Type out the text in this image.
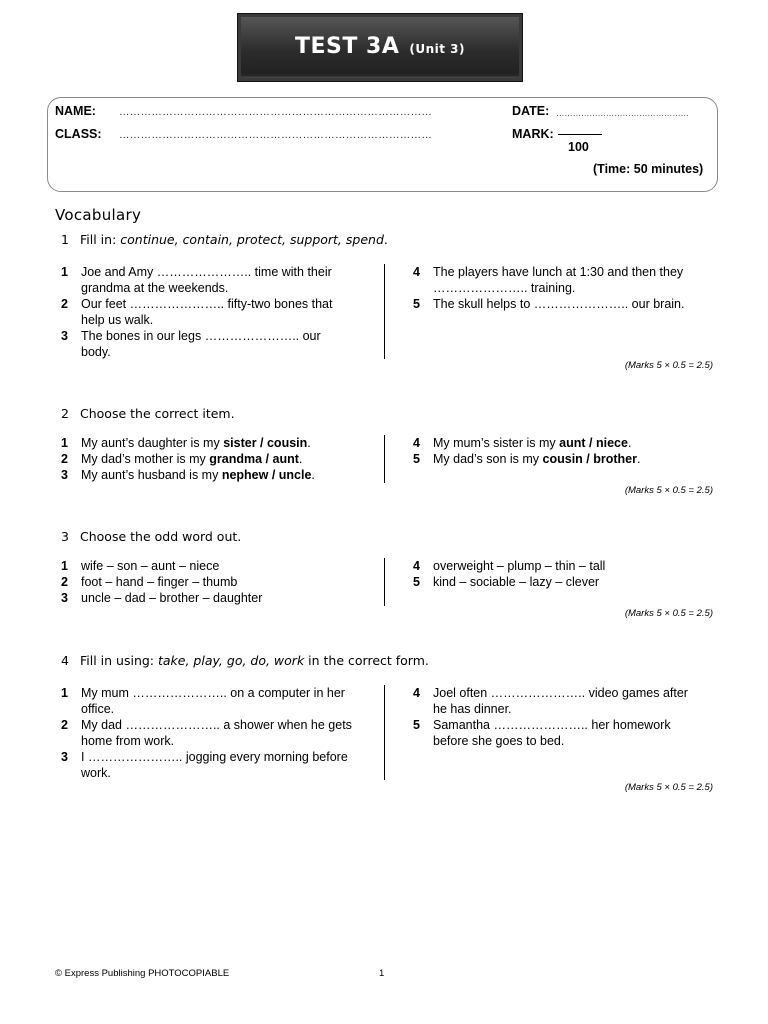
TEST 3A (Unit 3)
NAME: ……………………………………………………………………………
CLASS: ……………………………………………………………………………
DATE: …………………………………………
MARK:
100
(Time: 50 minutes)
Vocabulary
1 Fill in: continue, contain, protect, support, spend.
1	Joe and Amy ………………….. time with their
grandma at the weekends.
2	Our feet ………………….. fifty-two bones that
help us walk.
3	The bones in our legs ………………….. our
body.
4	The players have lunch at 1:30 and then they
………………….. training.
5	The skull helps to ………………….. our brain.
(Marks 5 × 0.5 = 2.5)
2 Choose the correct item.
1	My aunt’s daughter is my sister / cousin.
2	My dad’s mother is my grandma / aunt.
3	My aunt’s husband is my nephew / uncle.
4	My mum’s sister is my aunt / niece.
5	My dad’s son is my cousin / brother.
(Marks 5 × 0.5 = 2.5)
3 Choose the odd word out.
1	wife – son – aunt – niece
2	foot – hand – finger – thumb
3	uncle – dad – brother – daughter
4	overweight – plump – thin – tall
5	kind – sociable – lazy – clever
(Marks 5 × 0.5 = 2.5)
4 Fill in using: take, play, go, do, work in the correct form.
1	My mum ………………….. on a computer in her
office.
2	My dad ………………….. a shower when he gets
home from work.
3	I ………………….. jogging every morning before
work.
4	Joel often ………………….. video games after
he has dinner.
5	Samantha ………………….. her homework
before she goes to bed.
(Marks 5 × 0.5 = 2.5)
© Express Publishing PHOTOCOPIABLE	1
